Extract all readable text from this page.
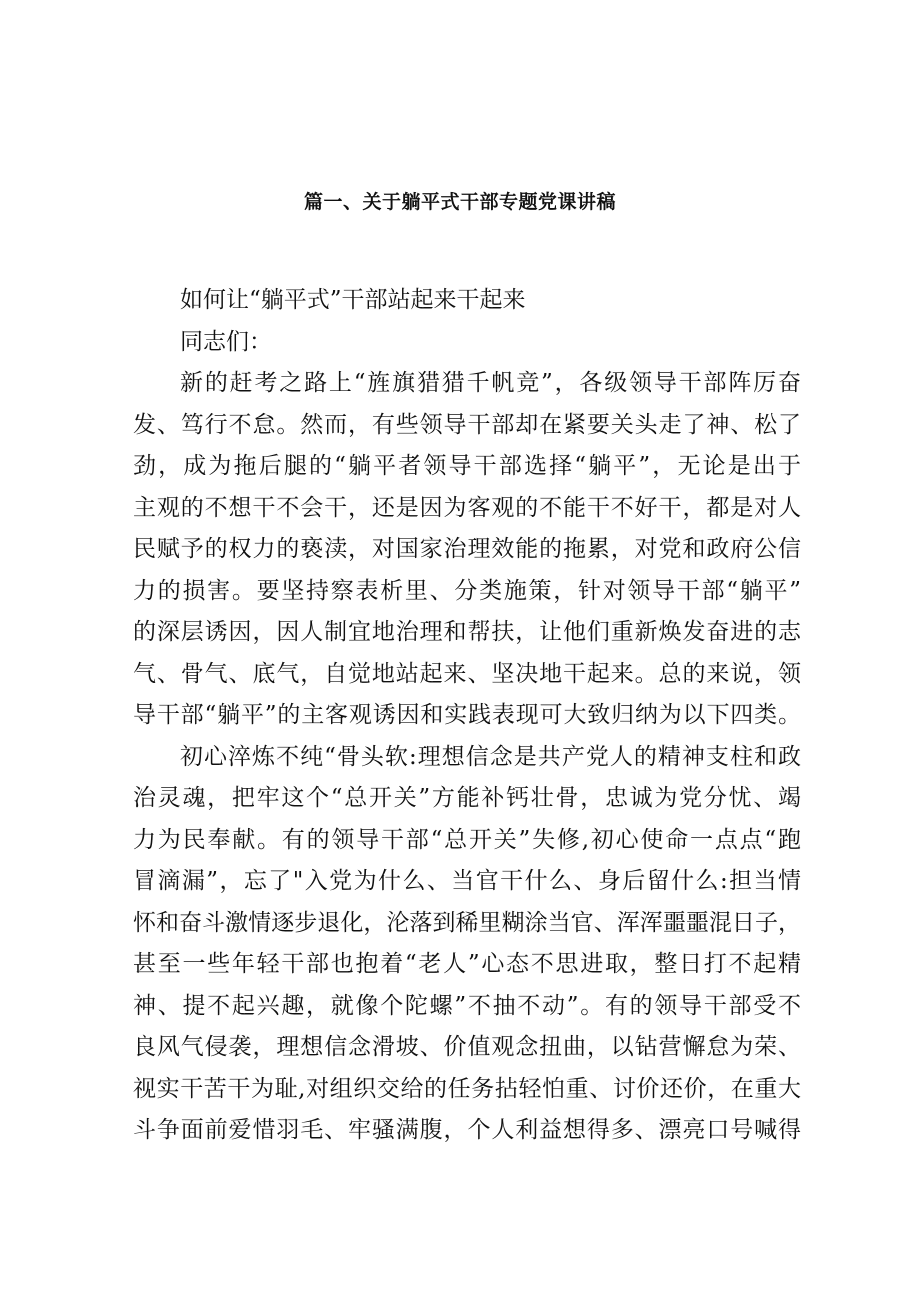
篇一、关于躺平式干部专题党课讲稿
如何让“躺平式”干部站起来干起来
同志们：
新的赶考之路上“旌旗猎猎千帆竞”，各级领导干部阵厉奋
发、笃行不怠。然而，有些领导干部却在紧要关头走了神、松了
劲，成为拖后腿的“躺平者领导干部选择“躺平”，无论是出于
主观的不想干不会干，还是因为客观的不能干不好干，都是对人
民赋予的权力的亵渎，对国家治理效能的拖累，对党和政府公信
力的损害。要坚持察表析里、分类施策，针对领导干部“躺平”
的深层诱因，因人制宜地治理和帮扶，让他们重新焕发奋进的志
气、骨气、底气，自觉地站起来、坚决地干起来。总的来说，领
导干部“躺平”的主客观诱因和实践表现可大致归纳为以下四类。
初心淬炼不纯“骨头软:理想信念是共产党人的精神支柱和政
治灵魂，把牢这个“总开关”方能补钙壮骨，忠诚为党分忧、竭
力为民奉献。有的领导干部“总开关”失修,初心使命一点点“跑
冒滴漏”，忘了"入党为什么、当官干什么、身后留什么:担当情
怀和奋斗激情逐步退化，沦落到稀里糊涂当官、浑浑噩噩混日子，
甚至一些年轻干部也抱着“老人”心态不思进取，整日打不起精
神、提不起兴趣，就像个陀螺”不抽不动”。有的领导干部受不
良风气侵袭，理想信念滑坡、价值观念扭曲，以钻营懈怠为荣、
视实干苦干为耻,对组织交给的任务拈轻怕重、讨价还价，在重大
斗争面前爱惜羽毛、牢骚满腹，个人利益想得多、漂亮口号喊得
